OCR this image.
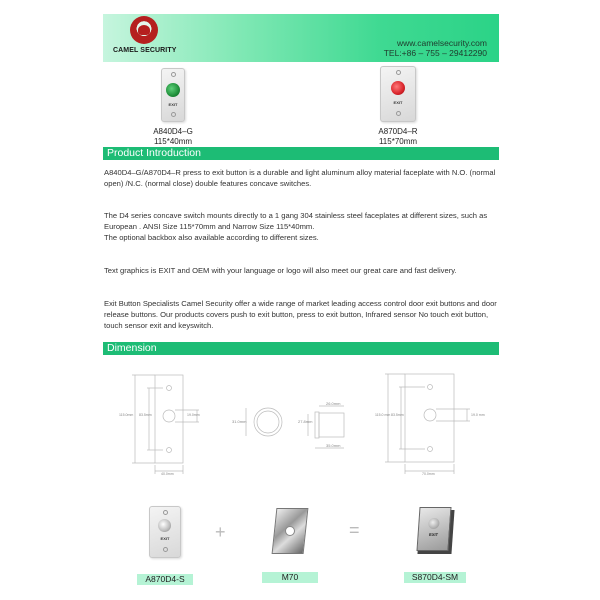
CAMEL SECURITY
www.camelsecurity.com
TEL:+86 – 755 – 29412290
EXIT
A840D4–G
115*40mm
EXIT
A870D4–R
115*70mm
Product Introduction
A840D4–G/A870D4–R press to exit button is a durable and light aluminum alloy material faceplate with N.O. (normal open) /N.C. (normal close) double features concave switches.
The D4 series concave switch mounts directly to a 1 gang 304 stainless steel faceplates at different sizes, such as European . ANSI Size 115*70mm and Narrow Size 115*40mm.
The optional backbox also available according to different sizes.
Text graphics is EXIT and OEM with your language or logo will also meet our great care and fast delivery.
Exit Button Specialists Camel Security offer a wide range of market leading access control door exit buttons and door release buttons. Our products covers push to exit button, press to exit button, Infrared sensor No touch exit button, touch sensor exit and keyswitch.
Dimension
115.0mm 83.5mm	19.0mm
40.0mm
31.0mm	27.8mm
26.0mm
35.0mm
115.0 mm 83.5mm	19.0 mm
70.0mm
EXIT
A870D4-S
+
M70
=	EXIT
S870D4-SM
